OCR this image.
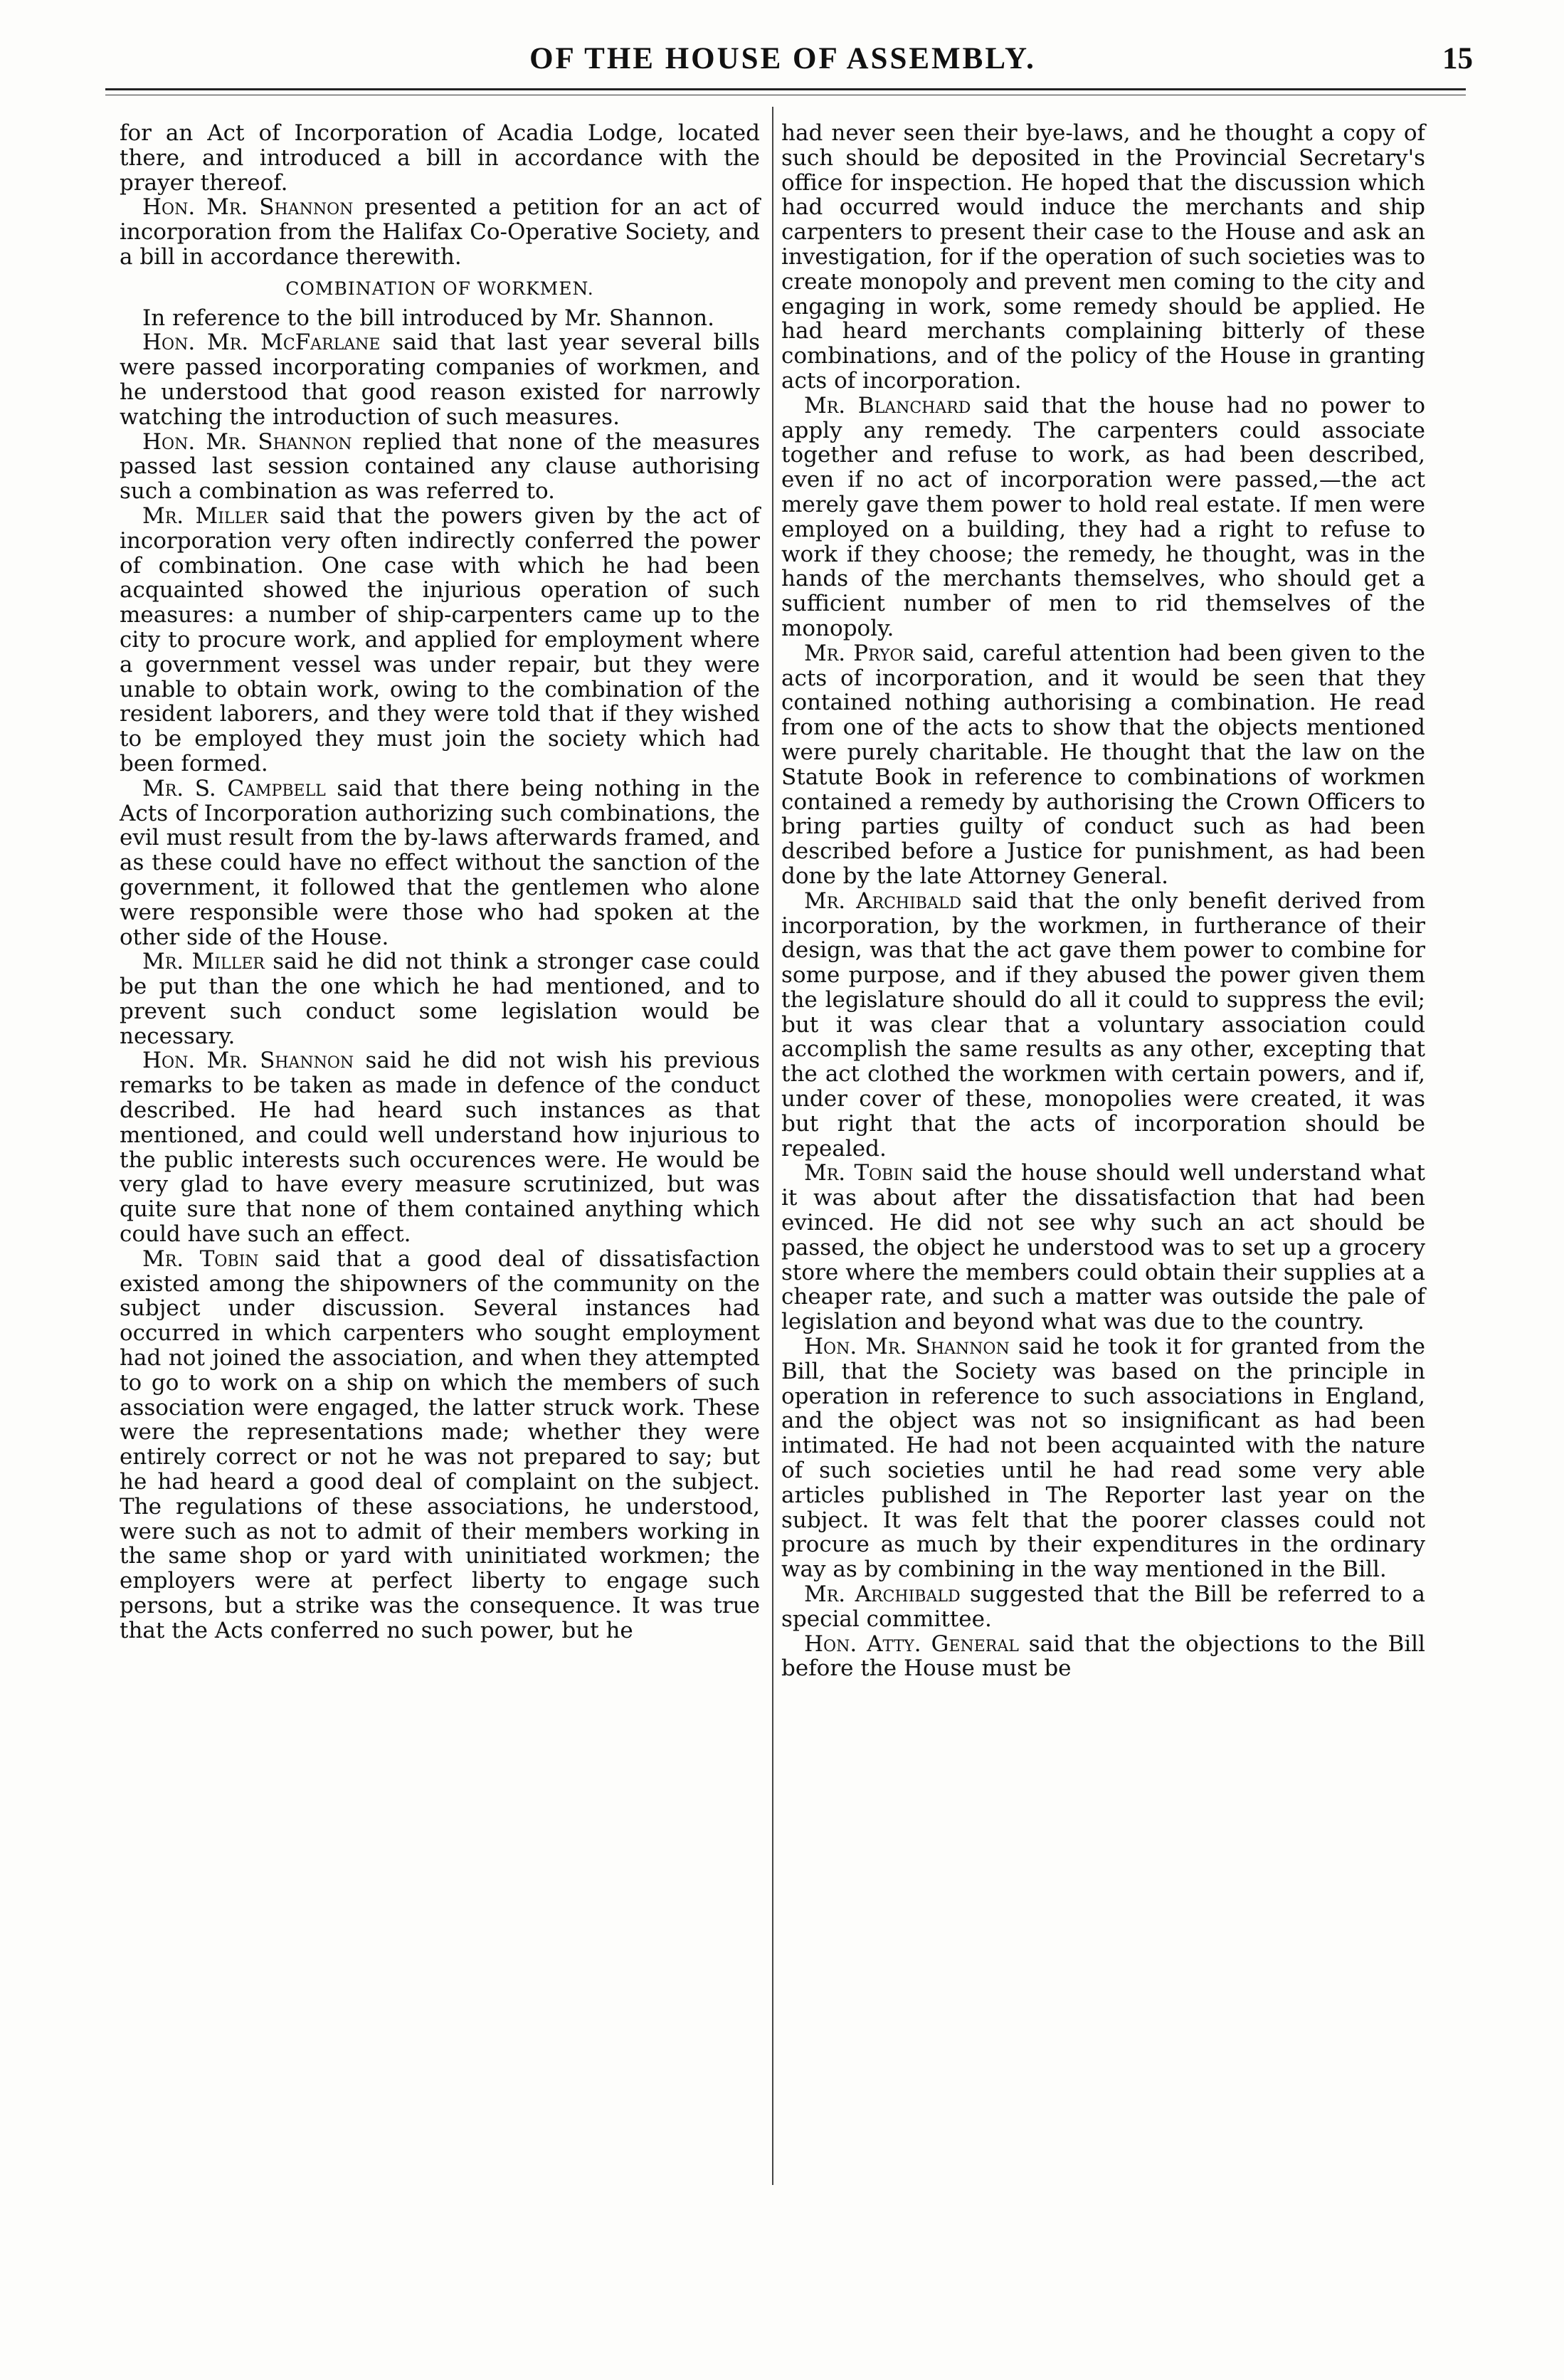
OF THE HOUSE OF ASSEMBLY.	15

for an Act of Incorporation of Acadia Lodge, located there, and introduced a bill in accordance with the prayer thereof.

Hon. Mr. Shannon presented a petition for an act of incorporation from the Halifax Co-Operative Society, and a bill in accordance therewith.

COMBINATION OF WORKMEN.

In reference to the bill introduced by Mr. Shannon.

Hon. Mr. McFarlane said that last year several bills were passed incorporating companies of workmen, and he understood that good reason existed for narrowly watching the introduction of such measures.

Hon. Mr. Shannon replied that none of the measures passed last session contained any clause authorising such a combination as was referred to.

Mr. Miller said that the powers given by the act of incorporation very often indirectly conferred the power of combination. One case with which he had been acquainted showed the injurious operation of such measures: a number of ship-carpenters came up to the city to procure work, and applied for employment where a government vessel was under repair, but they were unable to obtain work, owing to the combination of the resident laborers, and they were told that if they wished to be employed they must join the society which had been formed.

Mr. S. Campbell said that there being nothing in the Acts of Incorporation authorizing such combinations, the evil must result from the by-laws afterwards framed, and as these could have no effect without the sanction of the government, it followed that the gentlemen who alone were responsible were those who had spoken at the other side of the House.

Mr. Miller said he did not think a stronger case could be put than the one which he had mentioned, and to prevent such conduct some legislation would be necessary.

Hon. Mr. Shannon said he did not wish his previous remarks to be taken as made in defence of the conduct described. He had heard such instances as that mentioned, and could well understand how injurious to the public interests such occurences were. He would be very glad to have every measure scrutinized, but was quite sure that none of them contained anything which could have such an effect.

Mr. Tobin said that a good deal of dissatisfaction existed among the shipowners of the community on the subject under discussion. Several instances had occurred in which carpenters who sought employment had not joined the association, and when they attempted to go to work on a ship on which the members of such association were engaged, the latter struck work. These were the representations made; whether they were entirely correct or not he was not prepared to say; but he had heard a good deal of complaint on the subject. The regulations of these associations, he understood, were such as not to admit of their members working in the same shop or yard with uninitiated workmen; the employers were at perfect liberty to engage such persons, but a strike was the consequence. It was true that the Acts conferred no such power, but he

had never seen their bye-laws, and he thought a copy of such should be deposited in the Provincial Secretary's office for inspection. He hoped that the discussion which had occurred would induce the merchants and ship carpenters to present their case to the House and ask an investigation, for if the operation of such societies was to create monopoly and prevent men coming to the city and engaging in work, some remedy should be applied. He had heard merchants complaining bitterly of these combinations, and of the policy of the House in granting acts of incorporation.

Mr. Blanchard said that the house had no power to apply any remedy. The carpenters could associate together and refuse to work, as had been described, even if no act of incorporation were passed,—the act merely gave them power to hold real estate. If men were employed on a building, they had a right to refuse to work if they choose; the remedy, he thought, was in the hands of the merchants themselves, who should get a sufficient number of men to rid themselves of the monopoly.

Mr. Pryor said, careful attention had been given to the acts of incorporation, and it would be seen that they contained nothing authorising a combination. He read from one of the acts to show that the objects mentioned were purely charitable. He thought that the law on the Statute Book in reference to combinations of workmen contained a remedy by authorising the Crown Officers to bring parties guilty of conduct such as had been described before a Justice for punishment, as had been done by the late Attorney General.

Mr. Archibald said that the only benefit derived from incorporation, by the workmen, in furtherance of their design, was that the act gave them power to combine for some purpose, and if they abused the power given them the legislature should do all it could to suppress the evil; but it was clear that a voluntary association could accomplish the same results as any other, excepting that the act clothed the workmen with certain powers, and if, under cover of these, monopolies were created, it was but right that the acts of incorporation should be repealed.

Mr. Tobin said the house should well understand what it was about after the dissatisfaction that had been evinced. He did not see why such an act should be passed, the object he understood was to set up a grocery store where the members could obtain their supplies at a cheaper rate, and such a matter was outside the pale of legislation and beyond what was due to the country.

Hon. Mr. Shannon said he took it for granted from the Bill, that the Society was based on the principle in operation in reference to such associations in England, and the object was not so insignificant as had been intimated. He had not been acquainted with the nature of such societies until he had read some very able articles published in The Reporter last year on the subject. It was felt that the poorer classes could not procure as much by their expenditures in the ordinary way as by combining in the way mentioned in the Bill.

Mr. Archibald suggested that the Bill be referred to a special committee.

Hon. Atty. General said that the objections to the Bill before the House must be
